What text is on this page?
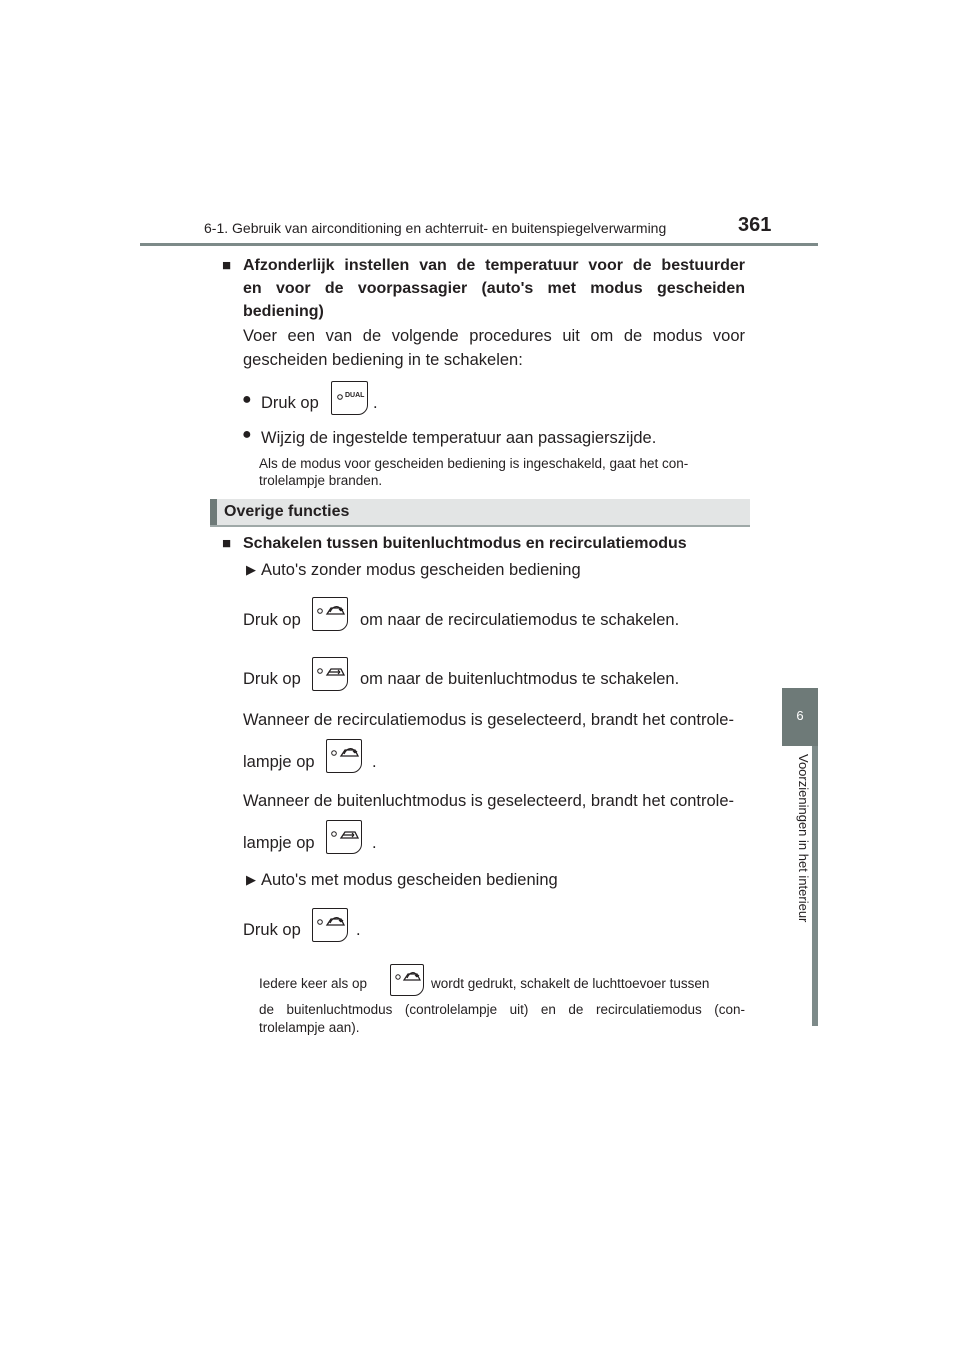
6-1. Gebruik van airconditioning en achterruit- en buitenspiegelverwarming	361
6
Voorzieningen in het interieur
■ Afzonderlijk instellen van de temperatuur voor de bestuurder
en voor de voorpassagier (auto's met modus gescheiden
bediening)
Voer een van de volgende procedures uit om de modus voor
gescheiden bediening in te schakelen:
● Druk op	DUAL .
● Wijzig de ingestelde temperatuur aan passagierszijde.
Als de modus voor gescheiden bediening is ingeschakeld, gaat het con-
trolelampje branden.
Overige functies
■ Schakelen tussen buitenluchtmodus en recirculatiemodus
▶ Auto's zonder modus gescheiden bediening
Druk op	om naar de recirculatiemodus te schakelen.
Druk op	om naar de buitenluchtmodus te schakelen.
Wanneer de recirculatiemodus is geselecteerd, brandt het controle-
lampje op	.
Wanneer de buitenluchtmodus is geselecteerd, brandt het controle-
lampje op	.
▶ Auto's met modus gescheiden bediening
Druk op	.
Iedere keer als op	wordt gedrukt, schakelt de luchttoevoer tussen
de buitenluchtmodus (controlelampje uit) en de recirculatiemodus (con-
trolelampje aan).
